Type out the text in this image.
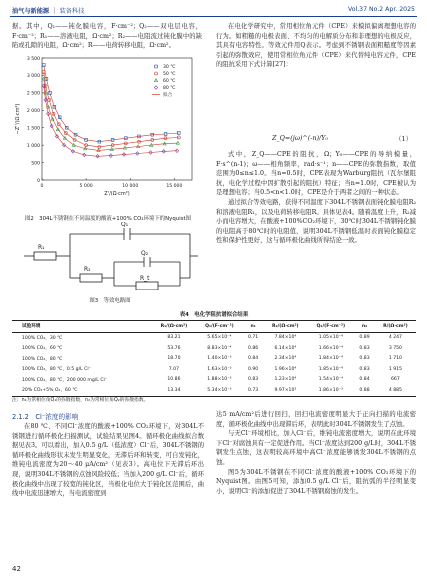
油气与新能源 ｜ 装备科技	Vol.37 No.2 Apr. 2025

据。其中，Q₁——钝化膜电容，F·cm⁻²；Q₂——双电层电容，F·cm⁻²；R₁——溶液电阻，Ω·cm²；R₂——电阻流过钝化膜中的缺陷或孔隙的电阻，Ω·cm²；R——电荷转移电阻，Ω·cm²。

0
500
1 000
1 500
2 000
2 500
3 000
3 500
0	5 000	10 000	15 000
Z'/(Ω·cm²)
−Z''/(Ω·cm²)
30 ℃
50 ℃
60 ℃
80 ℃
拟合
图2　304L不锈钢在不同温度的酸液+100% CO₂环境下的Nyquist图

在电化学研究中，常用相位角元件（CPE）来模拟偏离理想电容的行为。如粗糙的电极表面、不均匀的电解质分布和非理想的电极反应，其具有电容特性。等效元件用Q表示。考虑到不锈钢表面粗糙度等因素引起的弥散效应，使用常相位角元件（CPE）来代替纯电容元件，CPE的阻抗采用下式计算[27]：

Z_Q=(jω)^(-n)/Y₀	（1）

式中，Z_Q——CPE的阻抗，Ω；Y₀——CPE的导纳模量，F·s^(n-1)；ω——相角频率，rad·s⁻¹；n——CPE的弥散指数，取值范围为0≤n≤1.0。当n=0.5时，CPE表现为Warburg阻抗（瓦尔堡阻抗，电化学过程中因扩散引起的阻抗）特征；当n=1.0时，CPE被认为是理想电容；当0.5<n<1.0时，CPE是介于两者之间的一种状态。

通过拟合等效电路，获得不同温度下304L不锈钢表面钝化膜电阻R₂和溶液电阻R₁，以及电荷转移电阻R。具体见表4。随着温度上升，R₂减小而电容增大，在酸液+100%CO₂环境下，30℃时304L不锈钢钝化膜的电阻高于80℃时的电阻值，说明304L不锈钢低温时表面钝化膜稳定性和保护性更好，这与循环极化曲线所得结论一致。

R₁
Q₁
R₂
Q₂
R_t
图3　等效电路图
表4　电化学阻抗谱拟合结果
试验环境	R₁/(Ω·cm²)	Q₁/(F·cm⁻²)	n₁	R₂/(Ω·cm²)	Q₂/(F·cm⁻²)	n₂	R/(Ω·cm²)
100% CO₂，30 ℃	83.21	5.65×10⁻⁴	0.71	7.84×10⁴	1.05×10⁻⁴	0.89	4 247
100% CO₂，60 ℃	53.76	8.83×10⁻⁴	0.86	6.14×10⁴	1.66×10⁻⁴	0.83	3 750
100% CO₂，80 ℃	18.70	1.40×10⁻³	0.84	2.34×10⁴	1.84×10⁻⁴	0.83	1 710
100% CO₂，80 ℃，0.5 g/L Cl⁻	7.07	1.63×10⁻³	0.90	1.96×10⁴	1.85×10⁻⁴	0.83	1 915
100% CO₂，80 ℃，200 000 mg/L Cl⁻	10.86	1.88×10⁻³	0.83	1.23×10⁴	1.54×10⁻⁴	0.84	667
20% CO₂+5% O₂，60 ℃	13.34	5.34×10⁻³	0.73	9.97×10³	1.86×10⁻³	0.88	4 885
注：n₁为常相位角Q₁的弥散指数，n₂为常相位角Q₂的弥散指数。
2.1.2　Cl⁻浓度的影响

在80 ℃、不同Cl⁻浓度的酸液+100% CO₂环境下，对304L不锈钢进行循环极化扫描测试，试验结果见图4。循环极化曲线拟合数据见表3。可以看出，加入0.5 g/L（低浓度）Cl⁻后，304L不锈钢的循环极化曲线形状未发生明显变化，无滞后环和转变，可自发钝化，维钝电流密度为20～40 μA/cm²（见表3）。高电位下无滞后环出现，说明304L不锈钢的点蚀风险较低；当加入200 g/L Cl⁻后，循环极化曲线中出现了较宽的钝化区，当极化电位大于钝化区范围后，曲线中电流迅速增大，当电流密度到

达5 mA/cm²后进行回扫，回扫电流密度明显大于正向扫描的电流密度，循环极化曲线中出现滞后环，表明此时304L不锈钢发生了点蚀。

与无Cl⁻环境相比，加入Cl⁻后，维钝电流密度增大，说明在此环境下Cl⁻对腐蚀具有一定促进作用。当Cl⁻浓度达到200 g/L时，304L不锈钢发生点蚀，这表明较高环境中高Cl⁻浓度能够诱发304L不锈钢的点蚀。

图5为304L不锈钢在不同Cl⁻浓度的酸液+100% CO₂环境下的Nyquist图。由图5可知，添加0.5 g/L Cl⁻后，阻抗弧的半径明显变小，说明Cl⁻的添加促进了304L不锈钢腐蚀的发生。

42
